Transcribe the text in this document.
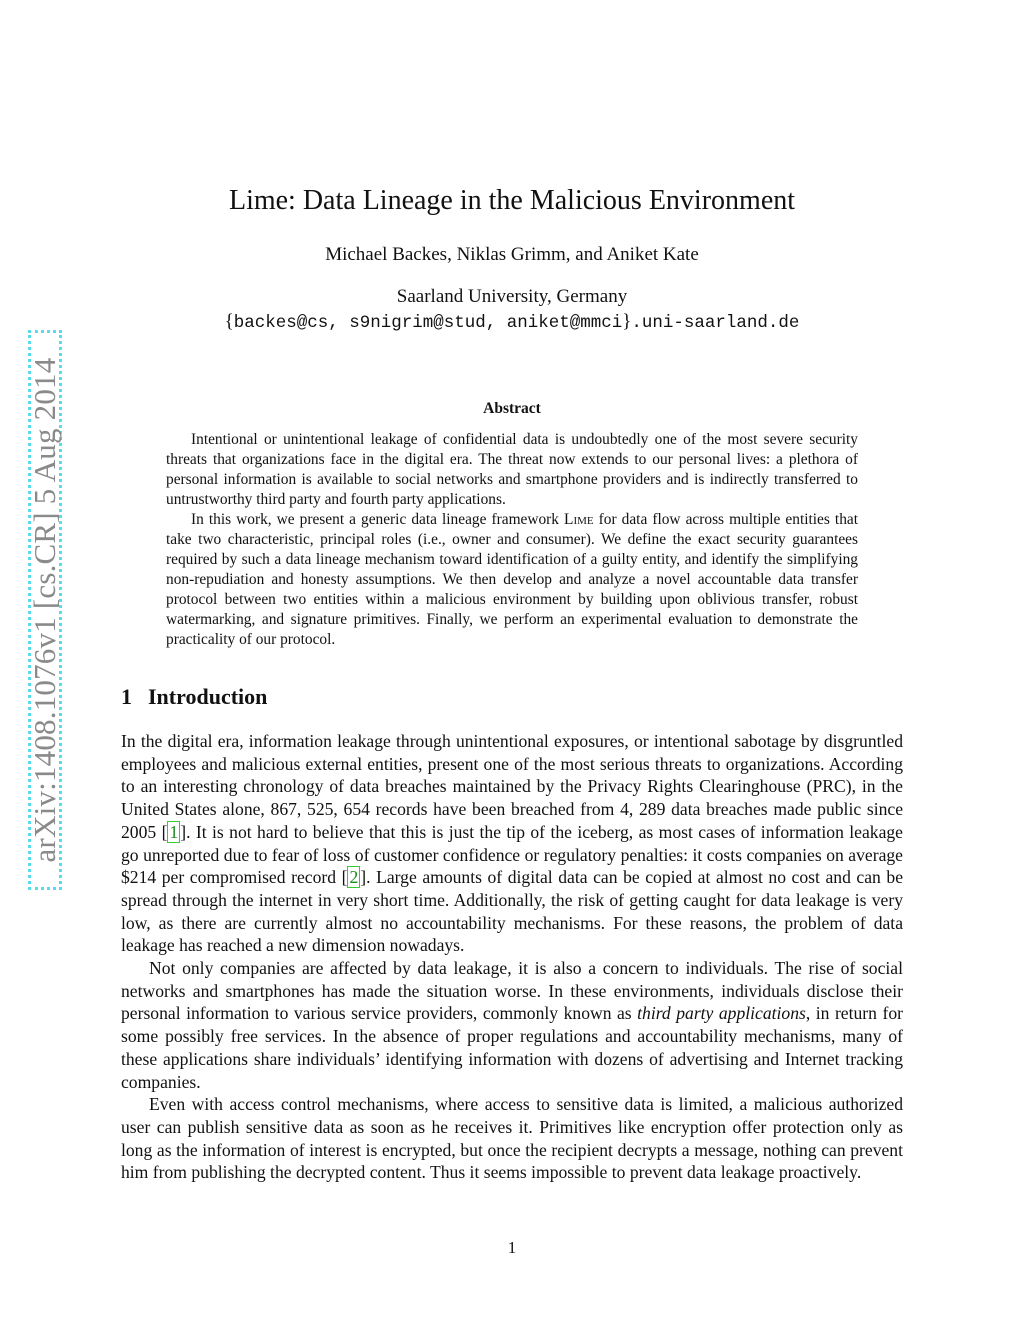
arXiv:1408.1076v1 [cs.CR] 5 Aug 2014
Lime: Data Lineage in the Malicious Environment
Michael Backes, Niklas Grimm, and Aniket Kate
Saarland University, Germany
{backes@cs, s9nigrim@stud, aniket@mmci}.uni-saarland.de
Abstract

Intentional or unintentional leakage of confidential data is undoubtedly one of the most severe security threats that organizations face in the digital era. The threat now extends to our personal lives: a plethora of personal information is available to social networks and smartphone providers and is indirectly transferred to untrustworthy third party and fourth party applications.

In this work, we present a generic data lineage framework Lime for data flow across multiple entities that take two characteristic, principal roles (i.e., owner and consumer). We define the exact security guarantees required by such a data lineage mechanism toward identification of a guilty entity, and identify the simplifying non-repudiation and honesty assumptions. We then develop and analyze a novel accountable data transfer protocol between two entities within a malicious environment by building upon oblivious transfer, robust watermarking, and signature primitives. Finally, we perform an experimental evaluation to demonstrate the practicality of our protocol.

1 Introduction

In the digital era, information leakage through unintentional exposures, or intentional sabotage by disgruntled employees and malicious external entities, present one of the most serious threats to organizations. According to an interesting chronology of data breaches maintained by the Privacy Rights Clearinghouse (PRC), in the United States alone, 867, 525, 654 records have been breached from 4, 289 data breaches made public since 2005 [ 1 ]. It is not hard to believe that this is just the tip of the iceberg, as most cases of information leakage go unreported due to fear of loss of customer confidence or regulatory penalties: it costs companies on average $214 per compromised record [ 2 ]. Large amounts of digital data can be copied at almost no cost and can be spread through the internet in very short time. Additionally, the risk of getting caught for data leakage is very low, as there are currently almost no accountability mechanisms. For these reasons, the problem of data leakage has reached a new dimension nowadays.

Not only companies are affected by data leakage, it is also a concern to individuals. The rise of social networks and smartphones has made the situation worse. In these environments, individuals disclose their personal information to various service providers, commonly known as third party applications, in return for some possibly free services. In the absence of proper regulations and accountability mechanisms, many of these applications share individuals’ identifying information with dozens of advertising and Internet tracking companies.

Even with access control mechanisms, where access to sensitive data is limited, a malicious authorized user can publish sensitive data as soon as he receives it. Primitives like encryption offer protection only as long as the information of interest is encrypted, but once the recipient decrypts a message, nothing can prevent him from publishing the decrypted content. Thus it seems impossible to prevent data leakage proactively.

1
